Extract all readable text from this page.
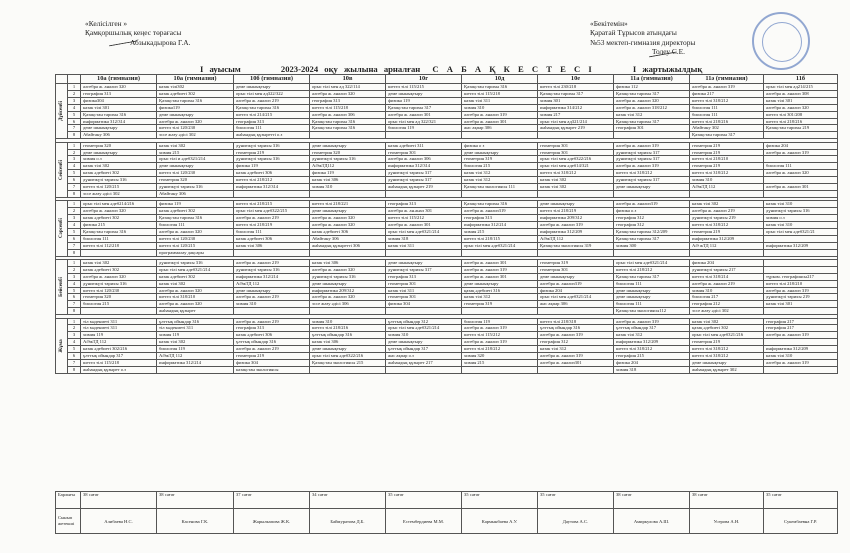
«Келісілген »
Қамқоршылық кеңес төрағасы
Абзыкадырова Г.А.
«Бекітемін»
Қаратай Тұрысов атындағы
№53 мектеп-гимназия директоры
Толеу С.Е.
I ауысым	2023-2024 оқу жылына арналған С А Б А Қ К Е С Т Е С І	I жартыжылдық
		10а (гимназия)	10а (гимназия)	10б (гимназия)	10в	10г	10д	10е	11а (гимназия)	11ә (гимназия)	11б

Дүйсенбі	1	алгебра ж. анализ 320	казак тілі302	деме шынықтыру	орыс тілі мен ад 322/114	шетел тілі 115/215	Қазақстан тарихы 316	шетел тілі 230/218	физика 112	алгебра ж. анализ 319	орыс тілі мен ад214/215
	2	география 313	казак әдебиеті 302	орыс тілі мен ад322/322	алгебра ж. анализ 320	деме шынықтыру	шетел тілі 115/218	Қазақстан тарихы 317	Қазақстан тарихы 317	физика 217	алгебра ж. анализ 308
	3	физика304	Қазақстан тарихы 316	алгебра ж. анализ 219	география 313	физика 119	казак тілі 311	химия 301	алгебра ж. анализ 320	шетел тілі 318/212	казак тілі 301
	4	казак тілі 301	физика119	Қазақстан тарихы 316	шетел тілі 115/218	Қазақстан тарихы 317	химия 310	информатика 314/212	алгебра ж. анализ 318/212	биология 111	алгебра ж. анализ 320
	5	Қазақстан тарихы 316	деме шынықтыру	шетел тілі 214/215	алгебра ж. анализ 306	алгебра ж. анализ 301	алгебра ж. анализ 319	химия 217	казак тілі 312	биология 111	шетел тілі 301/208
	6	информатика 312/314	алгебра ж. анализ 320	география 313	Қазақстан тарихы 316	орыс тілі мен ад 322/321	алгебра ж. анализ 301	орыс тілі мен ад321/214	Қазақстан тарихы 317	шетел тілі 218/216	шетел тілі 218/216
	7	деме шынықтыру	шетел тілі 120/230	биология 111	Қазақстан тарихы 316	биология 119	жас ақпар 306	жаһандық құзырет 219	география 301	Абайтану 302	Қазақстан тарихы 219
	8	Абайтану 306	эссе жазу әдісі 302	жаһандық құзыретті о.з						Қазақстан тарихы 317	

Сейсенбі	1	геометрия 320	казак тілі 302	дүниежүзі тарихы 316	деме шынықтыру	казак әдебиеті 311	физика о з	геометрия 301	алгебра ж. анализ 319	геометрия 219	физика 204
	2	деме шынықтыру	химия 215	геометрия 219	геометрия 320	геометрия 301	деме шынықтыру	геометрия 301	дүниежүзі тарихы 317	геометрия 219	алгебра ж. анализ 319
	3	химия о.з	орыс тілі и әдеб321/214	дүниежүзі тарихы 316	дүниежүзі тарихы 316	алгебра ж. анализ 306	геометрия 319	орыс тілі мен әдеб322/216	дүниежүзі тарихы 317	шетел тілі 218/210	
	4	казак тілі 302	деме шынықтыру	физика 119	АӘжТД112	информатика 312/314	биология 215	орыс тілі мен әдеб14/321	алгебра ж. анализ 319	геометрия 219	биология 111
	5	казак әдебиеті 302	шетел тілі 120/230	казак әдебиеті 306	физика 119	дүниежүзі тарихы 317	казак тілі 312	шетел тілі 318/212	шетел тілі 318/212	шетел тілі 318/212	алгебра ж. анализ 320
	6	дүниежүзі тарихы 316	геометрия 320	шетел тілі 218/212	казак тілі 306	дүниежүзі тарихы 317	казак тілі 312	казак тілі 302	дүниежүзі тарихы 317	химия 310	
	7	шетел тілі 120/215	дүниежүзі тарихы 316	информатика 312/314	химия 310	жаһандық құзырет 219	Қазақстан экологиясы 111	казак тілі 302	деме шынықтыру	АӘжТД 112	алгебра ж. анализ 301
	8	эссе жазу әдісі 302	Абайтану 306								

Сәрсенбі	1	орыс тілі мен әдеб214/216	физика 119	шетел тілі 218/215	шетел тілі 218/221	география 313	Қазақстан тарихы 316	деме шынықтыру	алгебра ж. анализ319	казак тілі 302	казак тілі 310
	2	алгебра ж. анализ 320	казак әдебиеті 302	орыс тілі мен әдеб322/215	деме шынықтыру	алгебра ж. ан.анал 301	алгебра ж. анализ319	шетел тілі 218/219	физика о.з	алгебра ж. анализ 219	дүниежүзі тарихы 316
	3	казак әдебиеті 302	Қазақстан тарихы 316	алгебра ж. анализ 219	алгебра ж. анализ 320	шетел тілі 115/212	география 313	информатика 209/312	география 312	дүниежүзі тарихы 219	химия о.з
	4	физика 215	биология 111	шетел тілі 218/219	алгебра ж. анализ 320	алгебра ж. анализ 301	информатика 312/214	алгебра ж. анализ 319	география 312	шетел тілі 318/212	казак тілі 310
	5	Қазақстан тарихы 316	алгебра ж. анализ 320	биология 111	казак әдебиеті 306	орыс тілі мен әдеб321/214	химия 215	информатика 312/209	Қазақстан тарихы 312/209	геометрия 219	орыс тілі мен әдеб321/21
	6	биология 111	шетел тілі 120/230	казак әдебиеті 306	Абайтану 306	химия 318	шетел тілі 218/115	АӘжТД 112	Қазақстан тарихы 317	информатика 312/209	
	7	шетел тілі 112/218	шетел тілі 120/215	казак тілі 306	жаһандық құзыретті 306	казак тілі 311	орыс тілі мен әдеб321/214	Қазақстан экологиясы 319	химия 300	АӘ жТД 112	информатика 312/209
	8		программалау дақсары								

Бейсенбі	1	казак тілі 302	дүниежүзі тарихы 316	алгебра ж. анализ 219	казак тілі 306	деме шынықтыру	алгебра ж. анализ 301	геометрия 319	орыс тілі мен әдеб321/214	физика 204	
	2	казак әдебиеті 302	орыс тілі мен әдеб321/214	дүниежүзі тарихы 316	алгебра ж. анализ 320	дүниежүзі тарихы 317	алгебра ж. анализ 319	геометрия 301	шетел тілі 218/212	дүниежүзі тарихы 217	
	3	алгебра ж. анализ 320	казак әдебиеті 302	информатика 312/214	дүниежүзі тарихы 316	география 313	алгебра ж. анализ 301	деме шынықтыру	Қазақстан тарихы 317	шетел тілі 318/214	түрком. географиясы217
	4	дүниежүзі тарихы 316	казак тілі 302	АӘжТД 112	деме шынықтыру	геометрия 301	деме шынықтыру	алгебра ж. анализ319	биология 111	алгебра ж. анализ 219	шетел тілі 218/210
	5	шетел тілі 120/230	алгебра ж. анализ 320	деме шынықтыру	информатика 209/312	казак тілі 311	қазақ әдебиеті 316	физика 204	деме шынықтыру	химия 310	алгебра ж. анализ 319
	6	геометрия 320	шетел тілі 318/210	алгебра ж. анализ 219	алгебра ж. анализ 320	геометрия 301	казак тілі 312	орыс тілі мен әдеб321/214	деме шынықтыру	биология 217	дүниежүзі тарихы 219
	7	биология 215	алгебра ж. анализ 320	химия 310	эссе жазу әдісі 306	физика 304	геометрия 319	жас ақпар 306	биология 111	география 212	казак тілі 301
	8		жаһандық құзырет						Қазақстан экологиясы112	эссе жазу әдісі 302	

Жұма	1	тіл мәдениеті 311	ұлттық ойындар 316	алгебра ж. анализ 219	химия 310	ұлттық ойындар 312	биология 119	шетел тілі 218/318	алгебра ж. анализ 319	казак тілі 302	география 217
	2	тіл мәдениеті 311	тіл мәдениеті 311	география 313	шетел тілі 218/216	орыс тілі мен әдеб321/214	алгебра ж. анализ 319	ұлттық ойындар 316	ұлттық ойындар 317	қазақ әдебиеті 302	география 217
	3	химия 119	химия 119	казак әдебиеті 306	ұлттық ойындар 316	химия 310	шетел тілі 115/212	алгебра ж. анализ 319	казак тілі 312	орыс тілі мен әдеб321/216	алгебра ж. анализ 319
	4	АӘжТД 112	казак тілі 302	ұлттық ойындар 316	казак тілі 306	деме шынықтыру	алгебра ж. анализ 319	география 312	информатика 312/209	геометрия 219	
	5	казак әдебиеті 302/216	биология 119	алгебра ж. анализ 219	деме шынықтыру	ұлттық ойындар 317	шетел тілі 218/212	казак тілі 312	шетел тілі 318/212	шетел тілі 318/212	информатика 312/209
	6	ұлттық ойындар 317	АӘжТД 112	геометрия 219	орыс тілі мен әдеб322/216	жас ақпар о.з	химия 320	алгебра ж. анализ 319	география 215	шетел тілі 318/212	казак тілі 310
	7	шетел тілі 115/218	информатика 312/214	физика 304	Қазақстан экологиясы 215	жаһандық құзырет 217	химия 215	алгебра ж. анализ301	физика 204	деме шынықтыру	алгебра ж. анализ 319
	8	жаһандық құзырет о.з		казақстан экологиясы					химия 318	жаһандық құзырет 302	
Барлығы	38 сағат	38 сағат	37 сағат	34 сағат	35 сағат	35 сағат	35 сағат	38 сағат	38 сағат	35 сағат
Сынып жетекші	Алибаева Н.С.	Касенова Г.К.	Жарылкапова Ж.К.	Баймуратова Д.Б.	Естембердиева М.М.	Кармынбаева А.У.	Даутова А.С.	Амиркулова А.Ш.	Усерова А.Н.	Сукембаевна Г.Р.
